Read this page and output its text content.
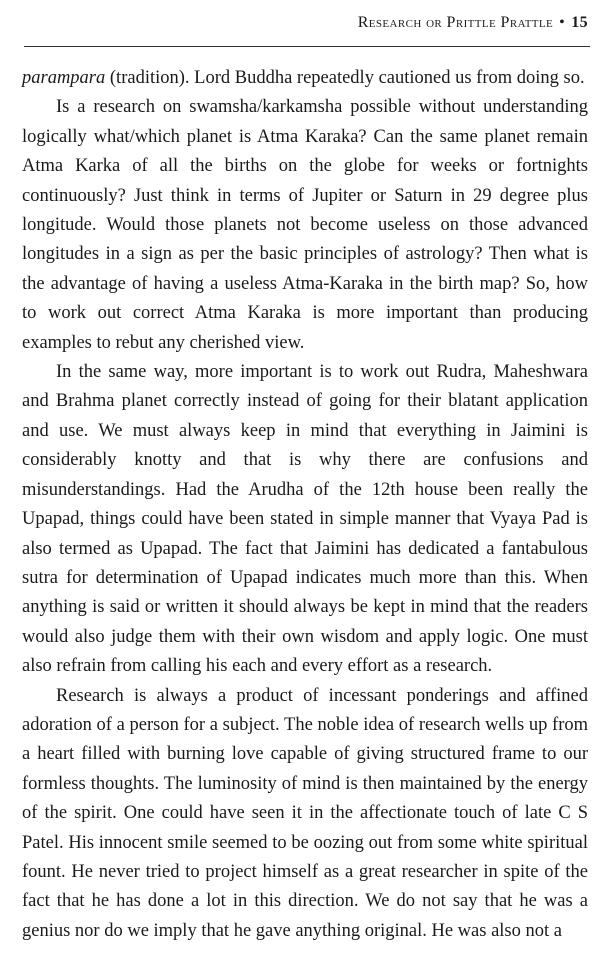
Research or Prittle Prattle • 15

paramparа (tradition). Lord Buddha repeatedly cautioned us from doing so.

Is a research on swamsha/karkamsha possible without understanding logically what/which planet is Atma Karaka? Can the same planet remain Atma Karka of all the births on the globe for weeks or fortnights continuously? Just think in terms of Jupiter or Saturn in 29 degree plus longitude. Would those planets not become useless on those advanced longitudes in a sign as per the basic principles of astrology? Then what is the advantage of having a useless Atma-Karaka in the birth map? So, how to work out correct Atma Karaka is more important than producing examples to rebut any cherished view.

In the same way, more important is to work out Rudra, Maheshwara and Brahma planet correctly instead of going for their blatant application and use. We must always keep in mind that everything in Jaimini is considerably knotty and that is why there are confusions and misunderstandings. Had the Arudha of the 12th house been really the Upapad, things could have been stated in simple manner that Vyaya Pad is also termed as Upapad. The fact that Jaimini has dedicated a fantabulous sutra for determination of Upapad indicates much more than this. When anything is said or written it should always be kept in mind that the readers would also judge them with their own wisdom and apply logic. One must also refrain from calling his each and every effort as a research.

Research is always a product of incessant ponderings and affined adoration of a person for a subject. The noble idea of research wells up from a heart filled with burning love capable of giving structured frame to our formless thoughts. The luminosity of mind is then maintained by the energy of the spirit. One could have seen it in the affectionate touch of late C S Patel. His innocent smile seemed to be oozing out from some white spiritual fount. He never tried to project himself as a great researcher in spite of the fact that he has done a lot in this direction. We do not say that he was a genius nor do we imply that he gave anything original. He was also not a
